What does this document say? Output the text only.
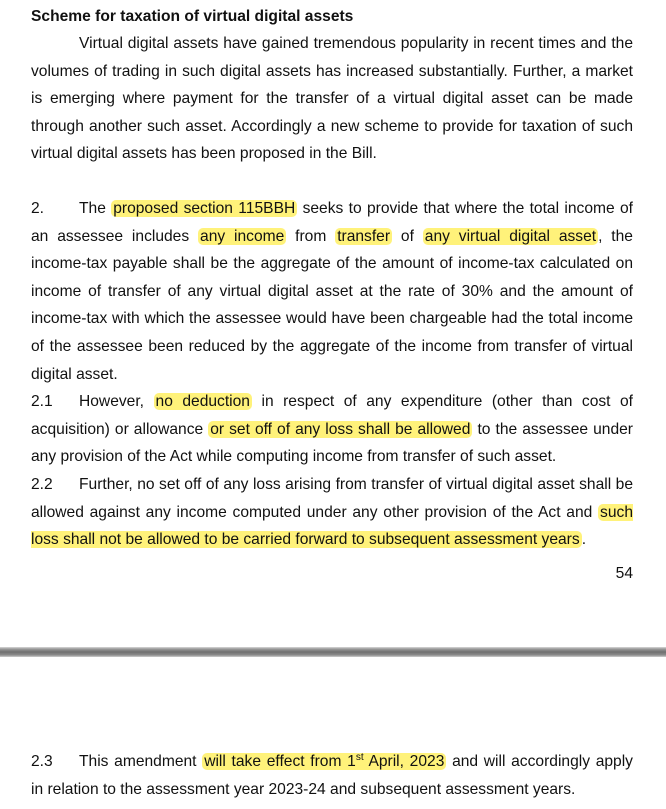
Scheme for taxation of virtual digital assets

Virtual digital assets have gained tremendous popularity in recent times and the volumes of trading in such digital assets has increased substantially. Further, a market is emerging where payment for the transfer of a virtual digital asset can be made through another such asset. Accordingly a new scheme to provide for taxation of such virtual digital assets has been proposed in the Bill.

2. The proposed section 115BBH seeks to provide that where the total income of an assessee includes any income from transfer of any virtual digital asset , the income-tax payable shall be the aggregate of the amount of income-tax calculated on income of transfer of any virtual digital asset at the rate of 30% and the amount of income-tax with which the assessee would have been chargeable had the total income of the assessee been reduced by the aggregate of the income from transfer of virtual digital asset.

2.1 However, no deduction in respect of any expenditure (other than cost of acquisition) or allowance or set off of any loss shall be allowed to the assessee under any provision of the Act while computing income from transfer of such asset.

2.2 Further, no set off of any loss arising from transfer of virtual digital asset shall be allowed against any income computed under any other provision of the Act and such loss shall not be allowed to be carried forward to subsequent assessment years .

54

2.3 This amendment will take effect from 1st April, 2023 and will accordingly apply in relation to the assessment year 2023-24 and subsequent assessment years.
